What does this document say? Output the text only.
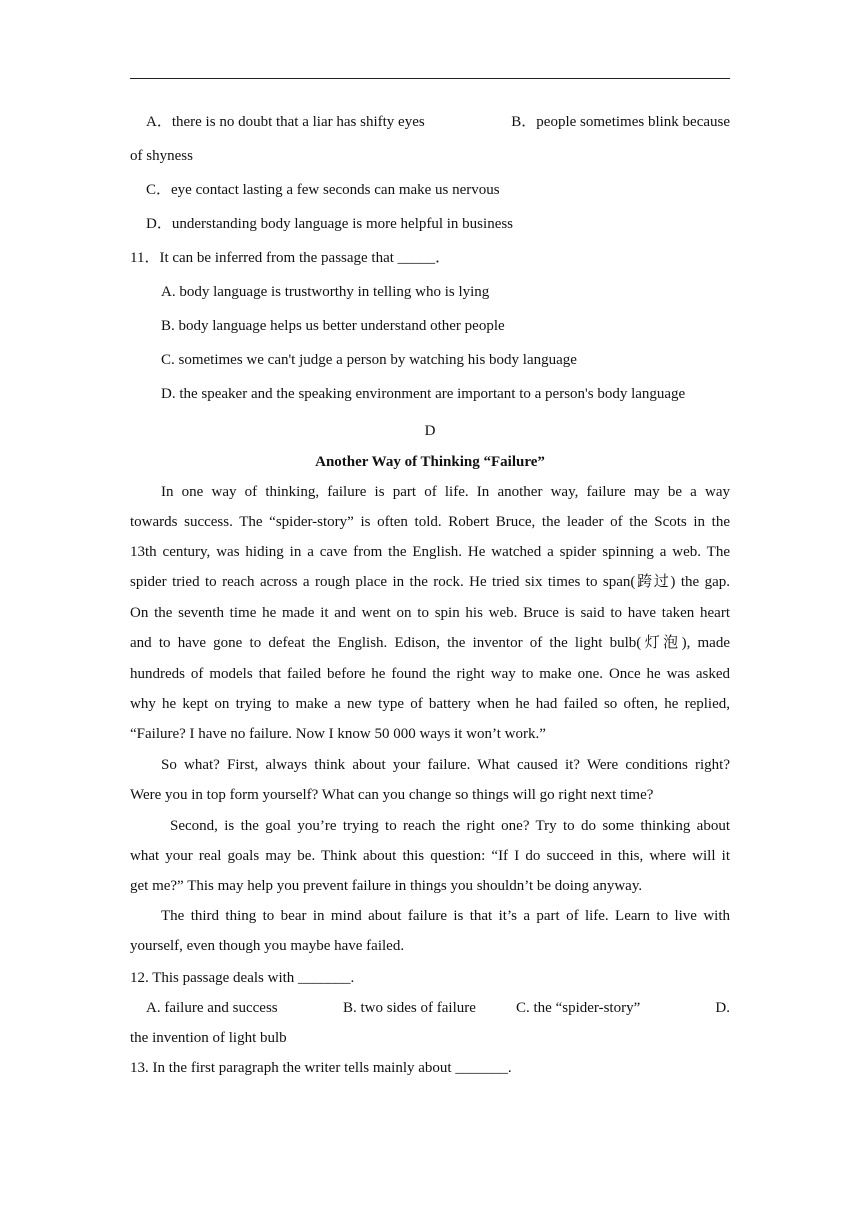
A．there is no doubt that a liar has shifty eyes	B．people sometimes blink because
of shyness
C．eye contact lasting a few seconds can make us nervous
D．understanding body language is more helpful in business
11．It can be inferred from the passage that _____．
A. body language is trustworthy in telling who is lying
B. body language helps us better understand other people
C. sometimes we can't judge a person by watching his body language
D. the speaker and the speaking environment are important to a person's body language
D
Another Way of Thinking “Failure”
In one way of thinking, failure is part of life. In another way, failure may be a way
towards success. The “spider-story” is often told. Robert Bruce, the leader of the Scots in the
13th century, was hiding in a cave from the English. He watched a spider spinning a web. The
spider tried to reach across a rough place in the rock. He tried six times to span(跨过) the gap.
On the seventh time he made it and went on to spin his web. Bruce is said to have taken heart
and to have gone to defeat the English. Edison, the inventor of the light bulb(灯泡), made
hundreds of models that failed before he found the right way to make one. Once he was asked
why he kept on trying to make a new type of battery when he had failed so often, he replied,
“Failure? I have no failure. Now I know 50 000 ways it won’t work.”
So what? First, always think about your failure. What caused it? Were conditions right?
Were you in top form yourself? What can you change so things will go right next time?
Second, is the goal you’re trying to reach the right one? Try to do some thinking about
what your real goals may be. Think about this question: “If I do succeed in this, where will it
get me?” This may help you prevent failure in things you shouldn’t be doing anyway.
The third thing to bear in mind about failure is that it’s a part of life. Learn to live with
yourself, even though you maybe have failed.
12. This passage deals with _______.
A. failure and success	B. two sides of failure	C. the “spider-story”	D.
the invention of light bulb
13. In the first paragraph the writer tells mainly about _______.
